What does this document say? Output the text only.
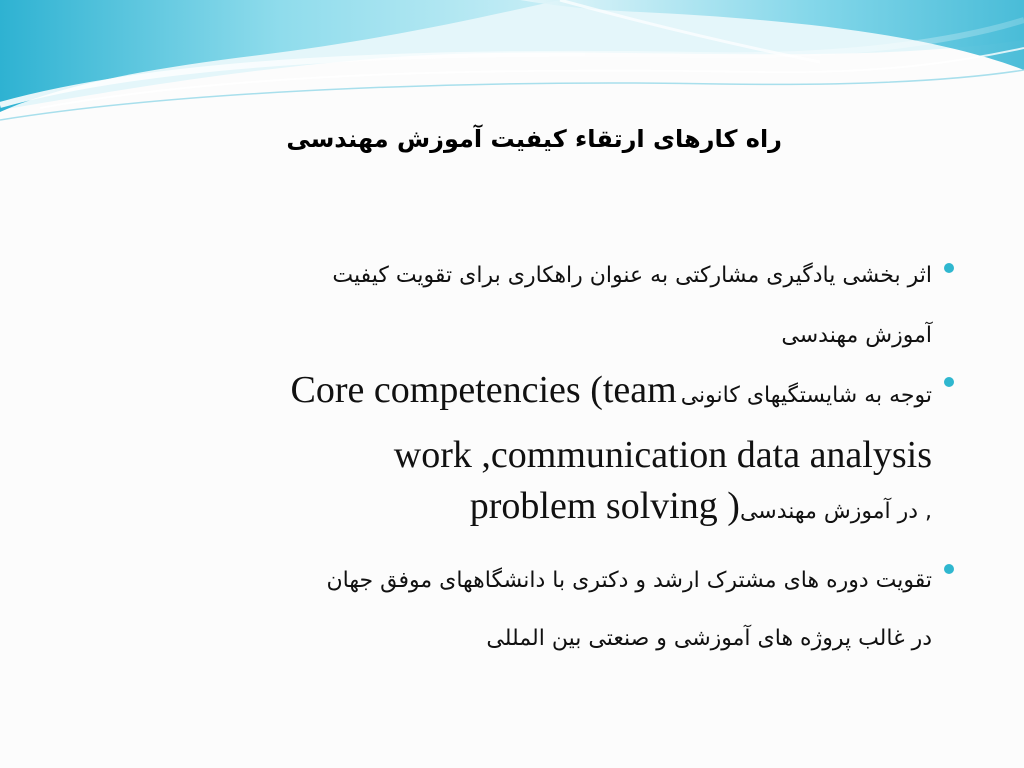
راه کارهای ارتقاء کیفیت آموزش مهندسی
اثر بخشی یادگیری مشارکتی به عنوان راهکاری برای تقویت کیفیت
آموزش مهندسی
توجه به شایستگیهای کانونی Core competencies (team
work ,communication data analysis
problem solving ), در آموزش مهندسی
تقویت دوره های مشترک ارشد و دکتری با دانشگاههای موفق جهان
در غالب پروژه های آموزشی و صنعتی بین المللی
